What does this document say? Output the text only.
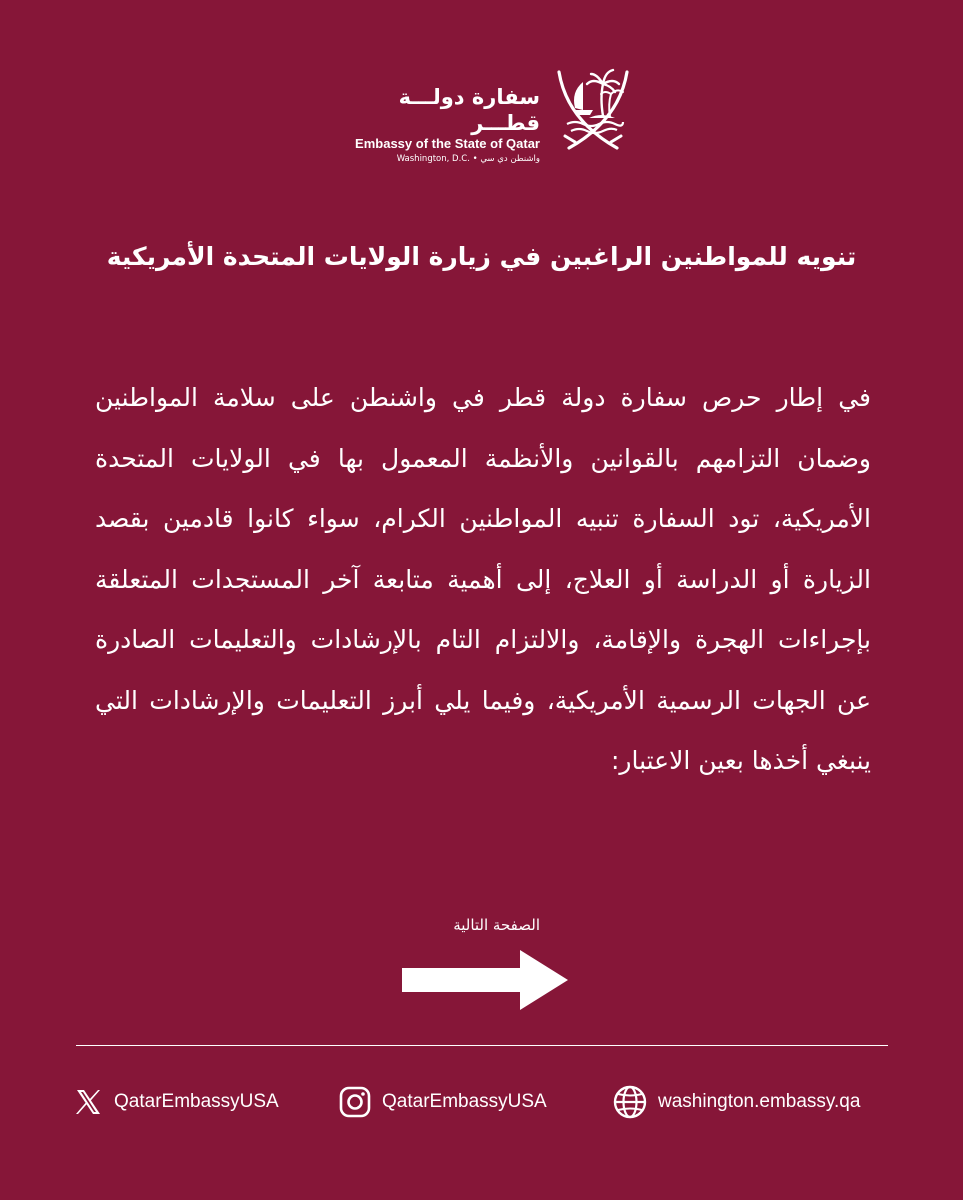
سفارة دولـــة قطـــر
Embassy of the State of Qatar
Washington, D.C. • واشنطن دي سي
تنويه للمواطنين الراغبين في زيارة الولايات المتحدة الأمريكية
في إطار حرص سفارة دولة قطر في واشنطن على سلامة المواطنين وضمان التزامهم بالقوانين والأنظمة المعمول بها في الولايات المتحدة الأمريكية، تود السفارة تنبيه المواطنين الكرام، سواء كانوا قادمين بقصد الزيارة أو الدراسة أو العلاج، إلى أهمية متابعة آخر المستجدات المتعلقة بإجراءات الهجرة والإقامة، والالتزام التام بالإرشادات والتعليمات الصادرة عن الجهات الرسمية الأمريكية، وفيما يلي أبرز التعليمات والإرشادات التي ينبغي أخذها بعين الاعتبار:
الصفحة التالية
QatarEmbassyUSA	QatarEmbassyUSA	washington.embassy.qa
